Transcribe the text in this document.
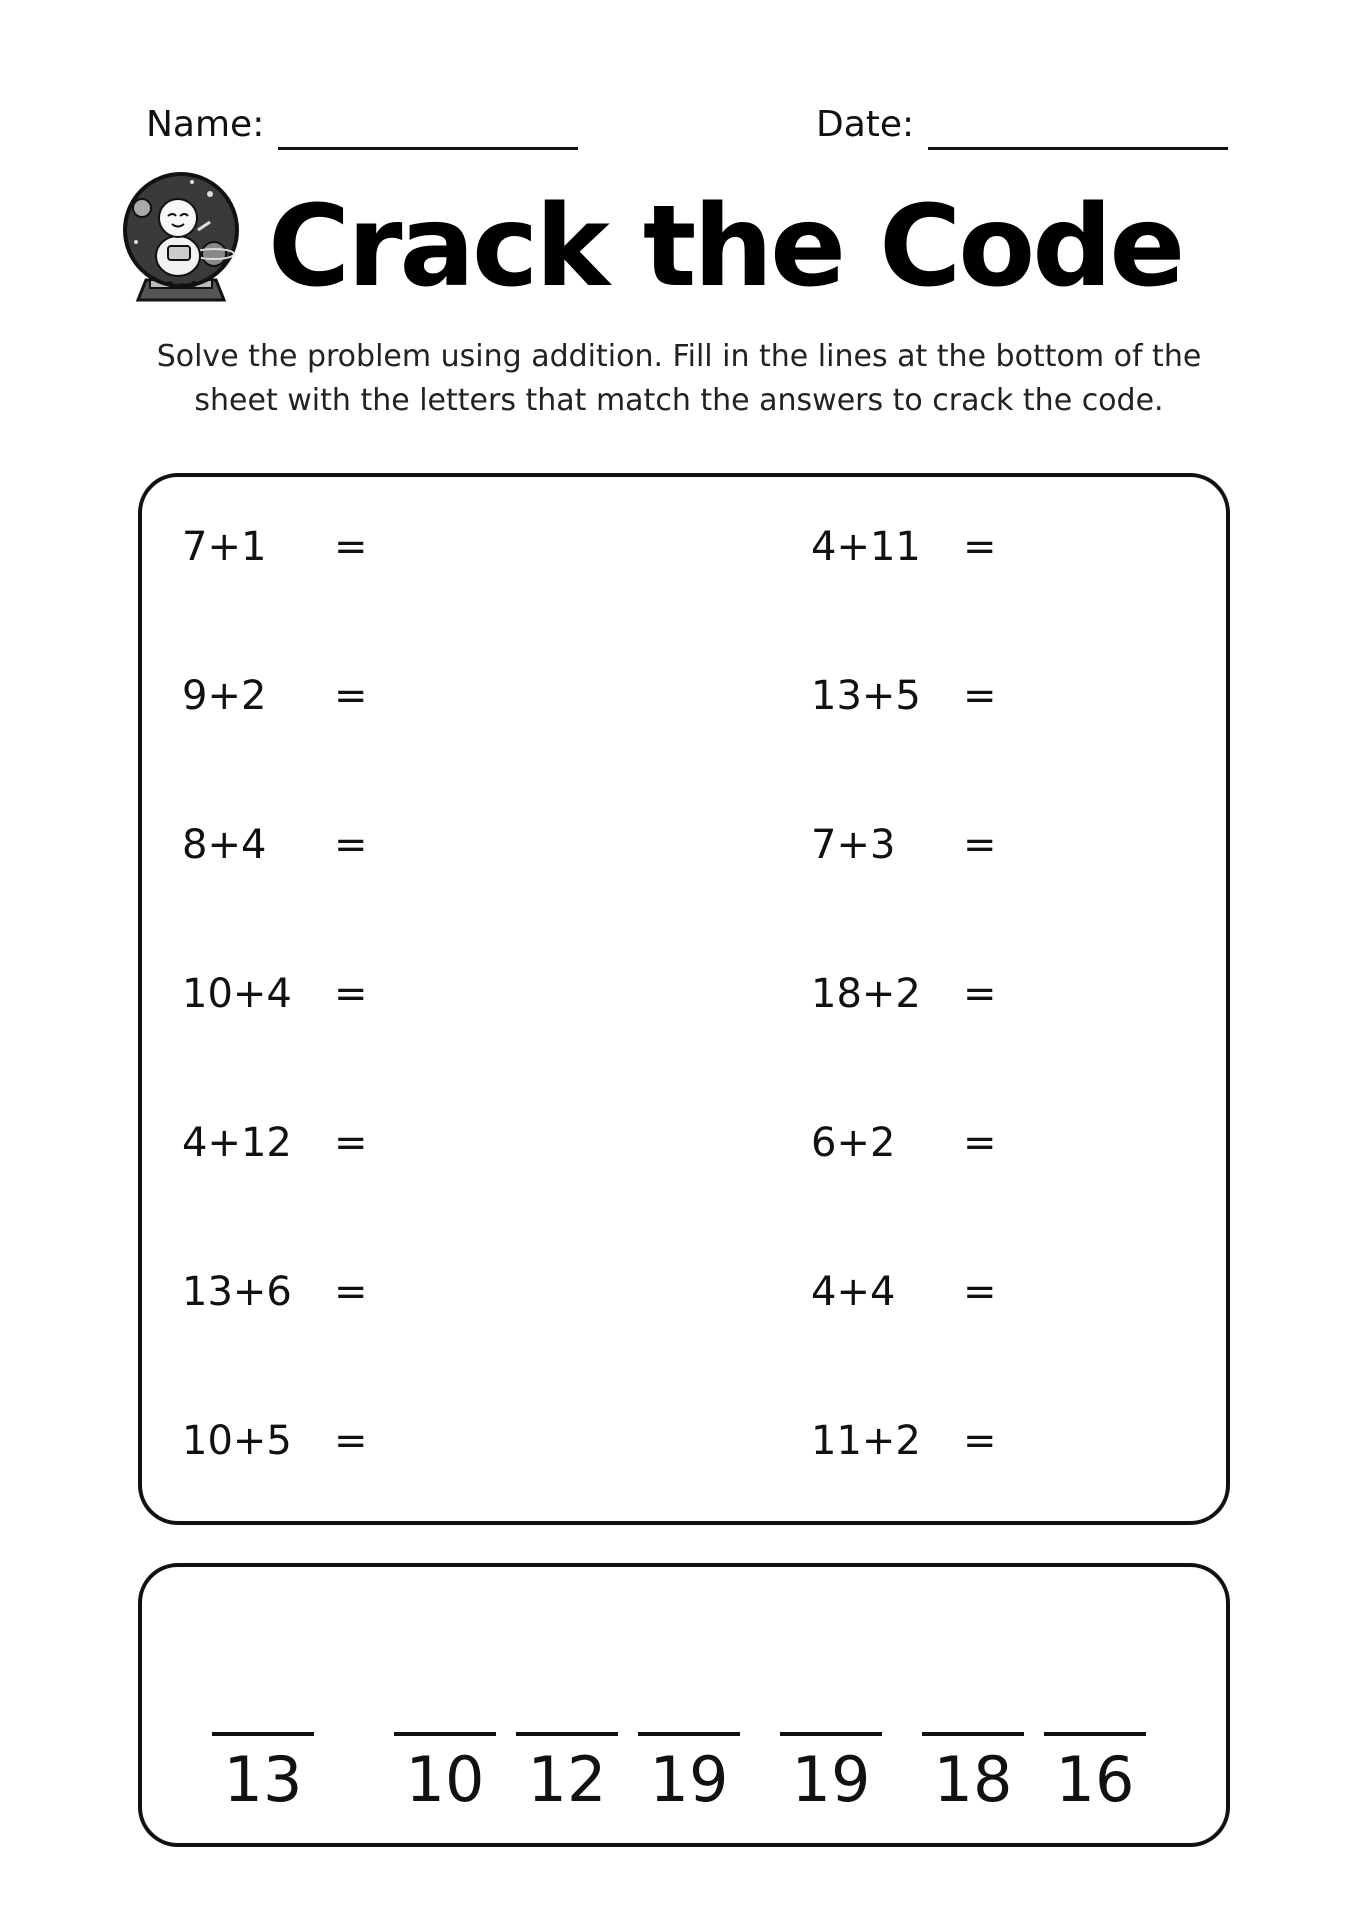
Name:	Date:
Crack the Code
Solve the problem using addition. Fill in the lines at the bottom of the sheet with the letters that match the answers to crack the code.
7+1 =
9+2 =
8+4 =
10+4 =
4+12 =
13+6 =
10+5 =
4+11 =
13+5 =
7+3 =
18+2 =
6+2 =
4+4 =
11+2 =
13 10 12 19 19 18 16
